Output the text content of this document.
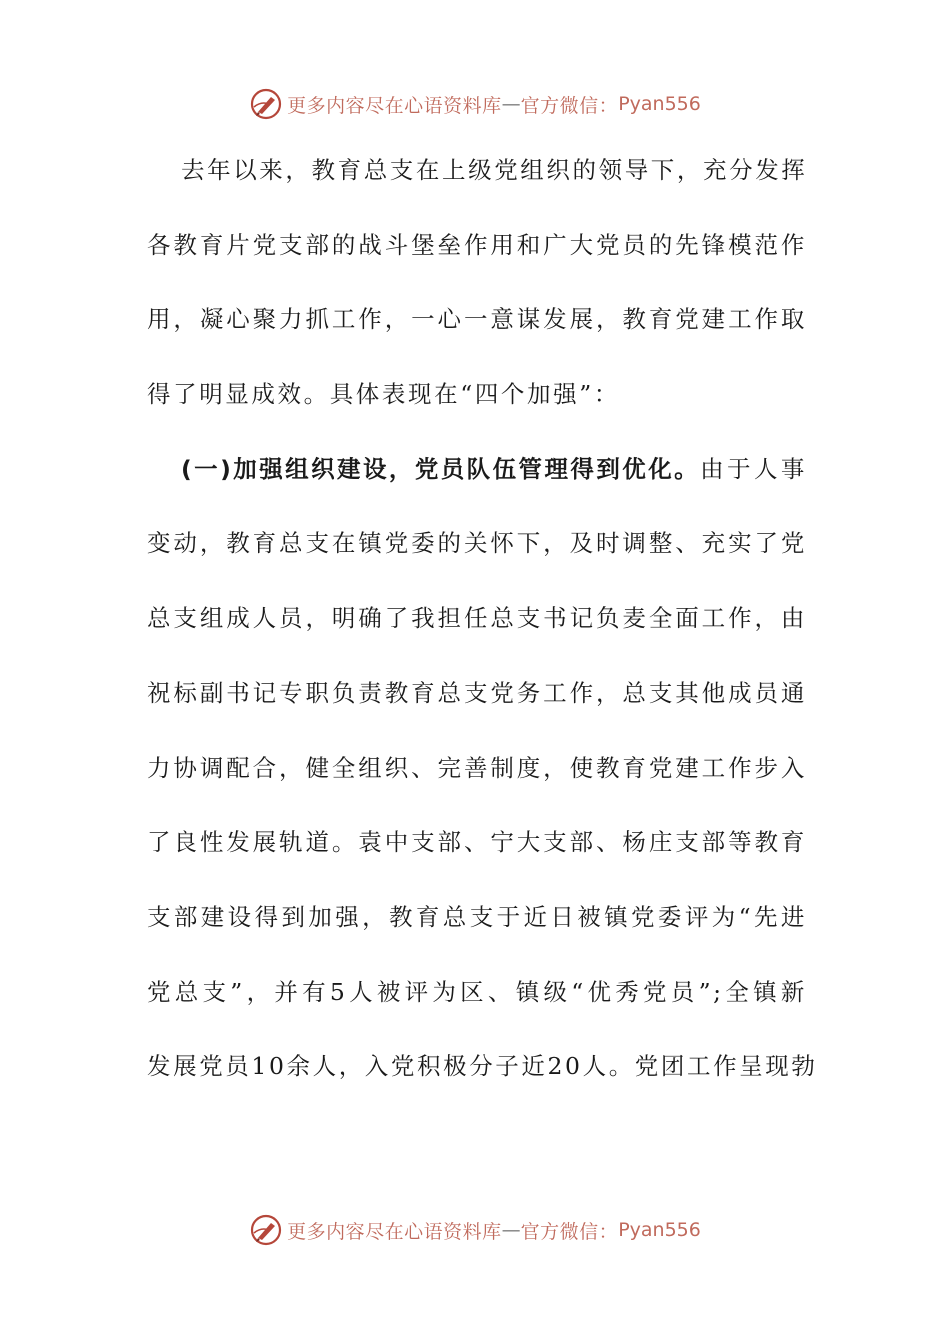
更多内容尽在心语资料库 — 官方微信： Pyan556
去年以来，教育总支在上级党组织的领导下，充分发挥
各教育片党支部的战斗堡垒作用和广大党员的先锋模范作
用，凝心聚力抓工作，一心一意谋发展，教育党建工作取
得了明显成效。具体表现在“四个加强”：
(一)加强组织建设，党员队伍管理得到优化。由于人事
变动，教育总支在镇党委的关怀下，及时调整、充实了党
总支组成人员，明确了我担任总支书记负麦全面工作，由
祝标副书记专职负责教育总支党务工作，总支其他成员通
力协调配合，健全组织、完善制度，使教育党建工作步入
了良性发展轨道。袁中支部、宁大支部、杨庄支部等教育
支部建设得到加强，教育总支于近日被镇党委评为“先进
党总支”，并有5人被评为区、镇级“优秀党员”;全镇新
发展党员10余人，入党积极分子近20人。党团工作呈现勃
更多内容尽在心语资料库 — 官方微信： Pyan556
